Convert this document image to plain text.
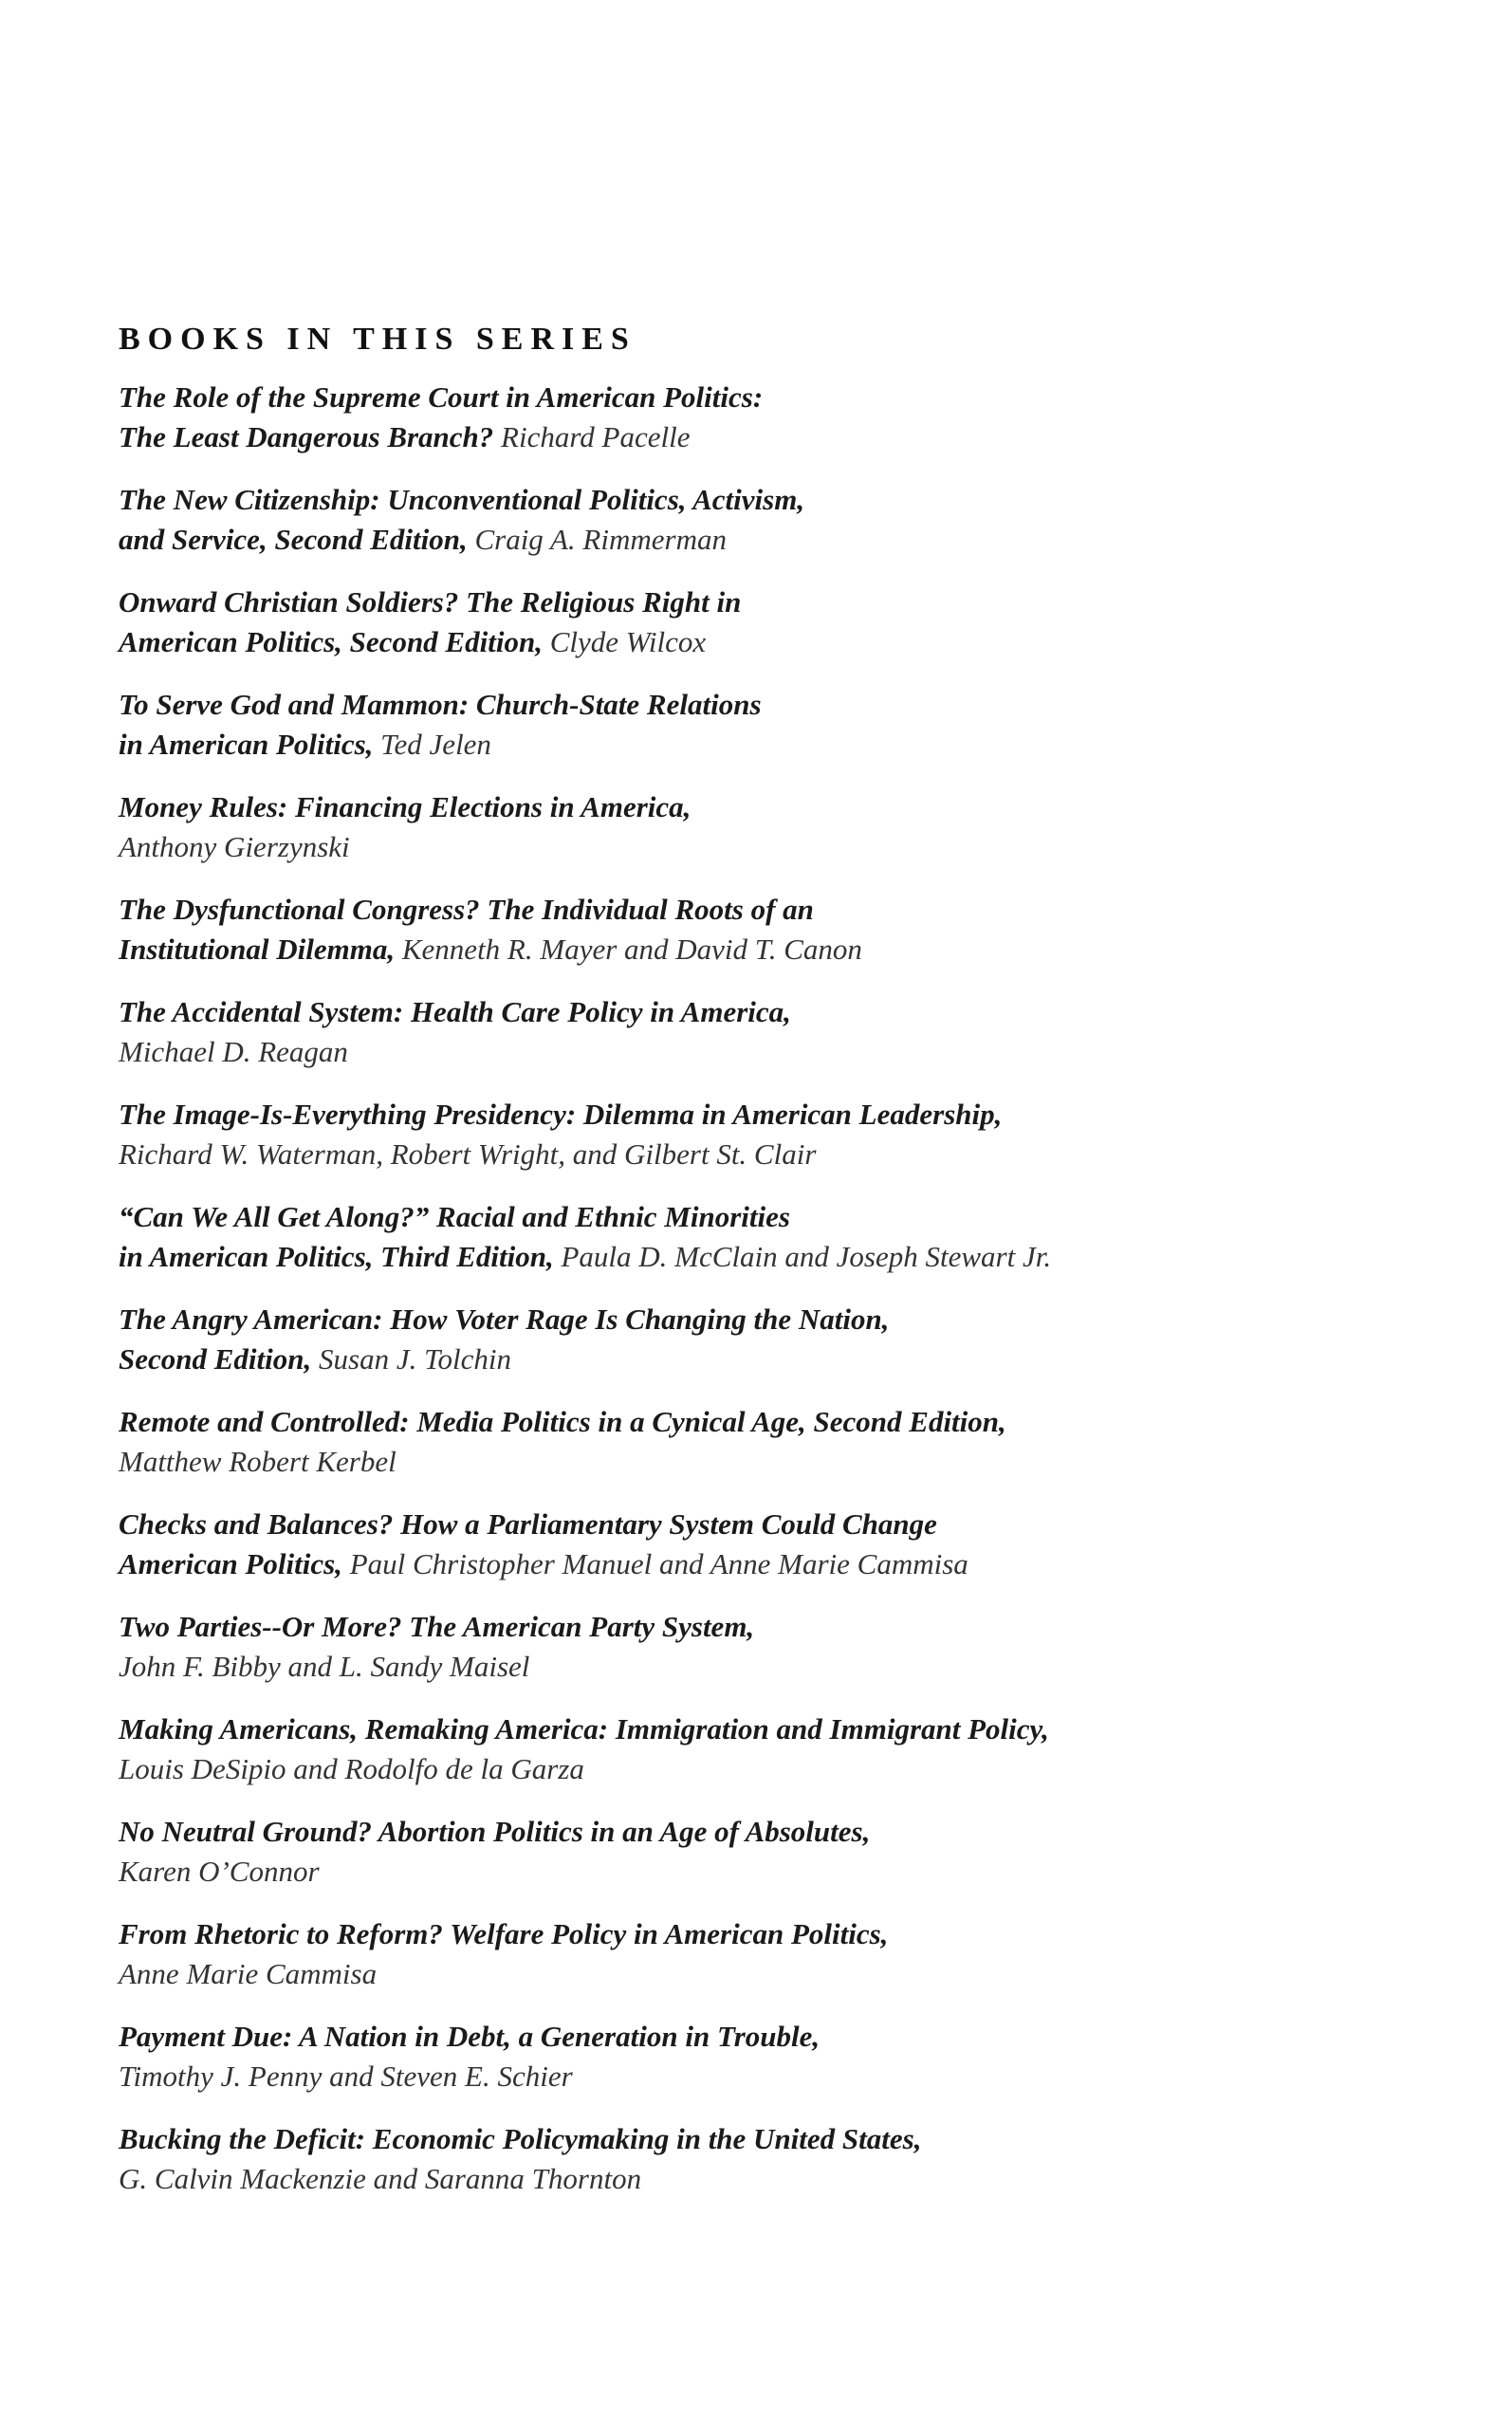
BOOKS IN THIS SERIES
The Role of the Supreme Court in American Politics:
The Least Dangerous Branch? Richard Pacelle
The New Citizenship: Unconventional Politics, Activism,
and Service, Second Edition, Craig A. Rimmerman
Onward Christian Soldiers? The Religious Right in
American Politics, Second Edition, Clyde Wilcox
To Serve God and Mammon: Church-State Relations
in American Politics, Ted Jelen
Money Rules: Financing Elections in America,
Anthony Gierzynski
The Dysfunctional Congress? The Individual Roots of an
Institutional Dilemma, Kenneth R. Mayer and David T. Canon
The Accidental System: Health Care Policy in America,
Michael D. Reagan
The Image-Is-Everything Presidency: Dilemma in American Leadership,
Richard W. Waterman, Robert Wright, and Gilbert St. Clair
“Can We All Get Along?” Racial and Ethnic Minorities
in American Politics, Third Edition, Paula D. McClain and Joseph Stewart Jr.
The Angry American: How Voter Rage Is Changing the Nation,
Second Edition, Susan J. Tolchin
Remote and Controlled: Media Politics in a Cynical Age, Second Edition,
Matthew Robert Kerbel
Checks and Balances? How a Parliamentary System Could Change
American Politics, Paul Christopher Manuel and Anne Marie Cammisa
Two Parties--Or More? The American Party System,
John F. Bibby and L. Sandy Maisel
Making Americans, Remaking America: Immigration and Immigrant Policy,
Louis DeSipio and Rodolfo de la Garza
No Neutral Ground? Abortion Politics in an Age of Absolutes,
Karen O’Connor
From Rhetoric to Reform? Welfare Policy in American Politics,
Anne Marie Cammisa
Payment Due: A Nation in Debt, a Generation in Trouble,
Timothy J. Penny and Steven E. Schier
Bucking the Deficit: Economic Policymaking in the United States,
G. Calvin Mackenzie and Saranna Thornton
